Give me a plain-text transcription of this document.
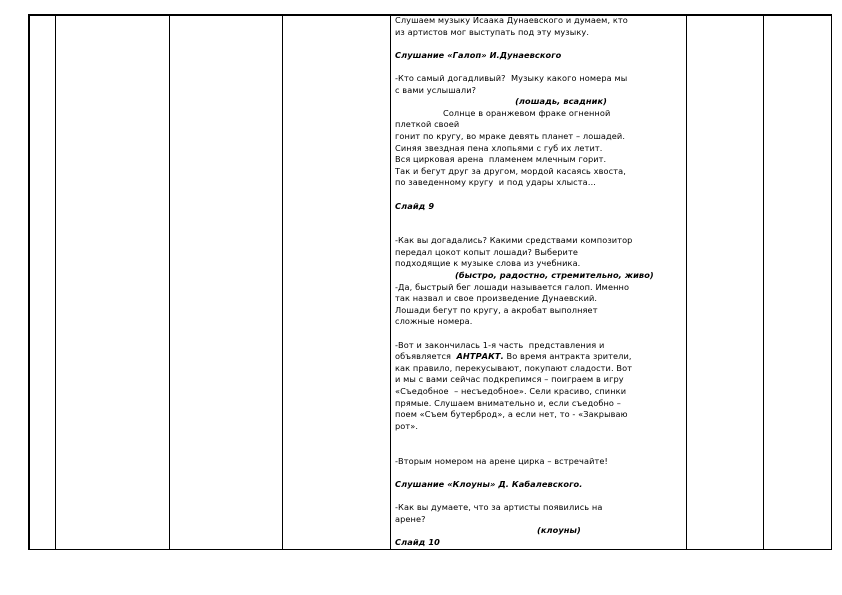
Слушаем музыку Исаака Дунаевского и думаем, кто
из артистов мог выступать под эту музыку.
Слушание «Галоп» И.Дунаевского
-Кто самый догадливый?  Музыку какого номера мы
с вами услышали?
(лошадь, всадник)
Солнце в оранжевом фраке огненной
плеткой своей
гонит по кругу, во мраке девять планет – лошадей.
Синяя звездная пена хлопьями с губ их летит.
Вся цирковая арена  пламенем млечным горит.
Так и бегут друг за другом, мордой касаясь хвоста,
по заведенному кругу  и под удары хлыста…
Слайд 9
-Как вы догадались? Какими средствами композитор
передал цокот копыт лошади? Выберите
подходящие к музыке слова из учебника.
(быстро, радостно, стремительно, живо)
-Да, быстрый бег лошади называется галоп. Именно
так назвал и свое произведение Дунаевский.
Лошади бегут по кругу, а акробат выполняет
сложные номера.
-Вот и закончилась 1-я часть  представления и
объявляется  АНТРАКТ. Во время антракта зрители,
как правило, перекусывают, покупают сладости. Вот
и мы с вами сейчас подкрепимся – поиграем в игру
«Съедобное  – несъедобное». Сели красиво, спинки
прямые. Слушаем внимательно и, если съедобно –
поем «Съем бутерброд», а если нет, то - «Закрываю
рот».
-Вторым номером на арене цирка – встречайте!
Слушание «Клоуны» Д. Кабалевского.
-Как вы думаете, что за артисты появились на
арене?
(клоуны)
Слайд 10
